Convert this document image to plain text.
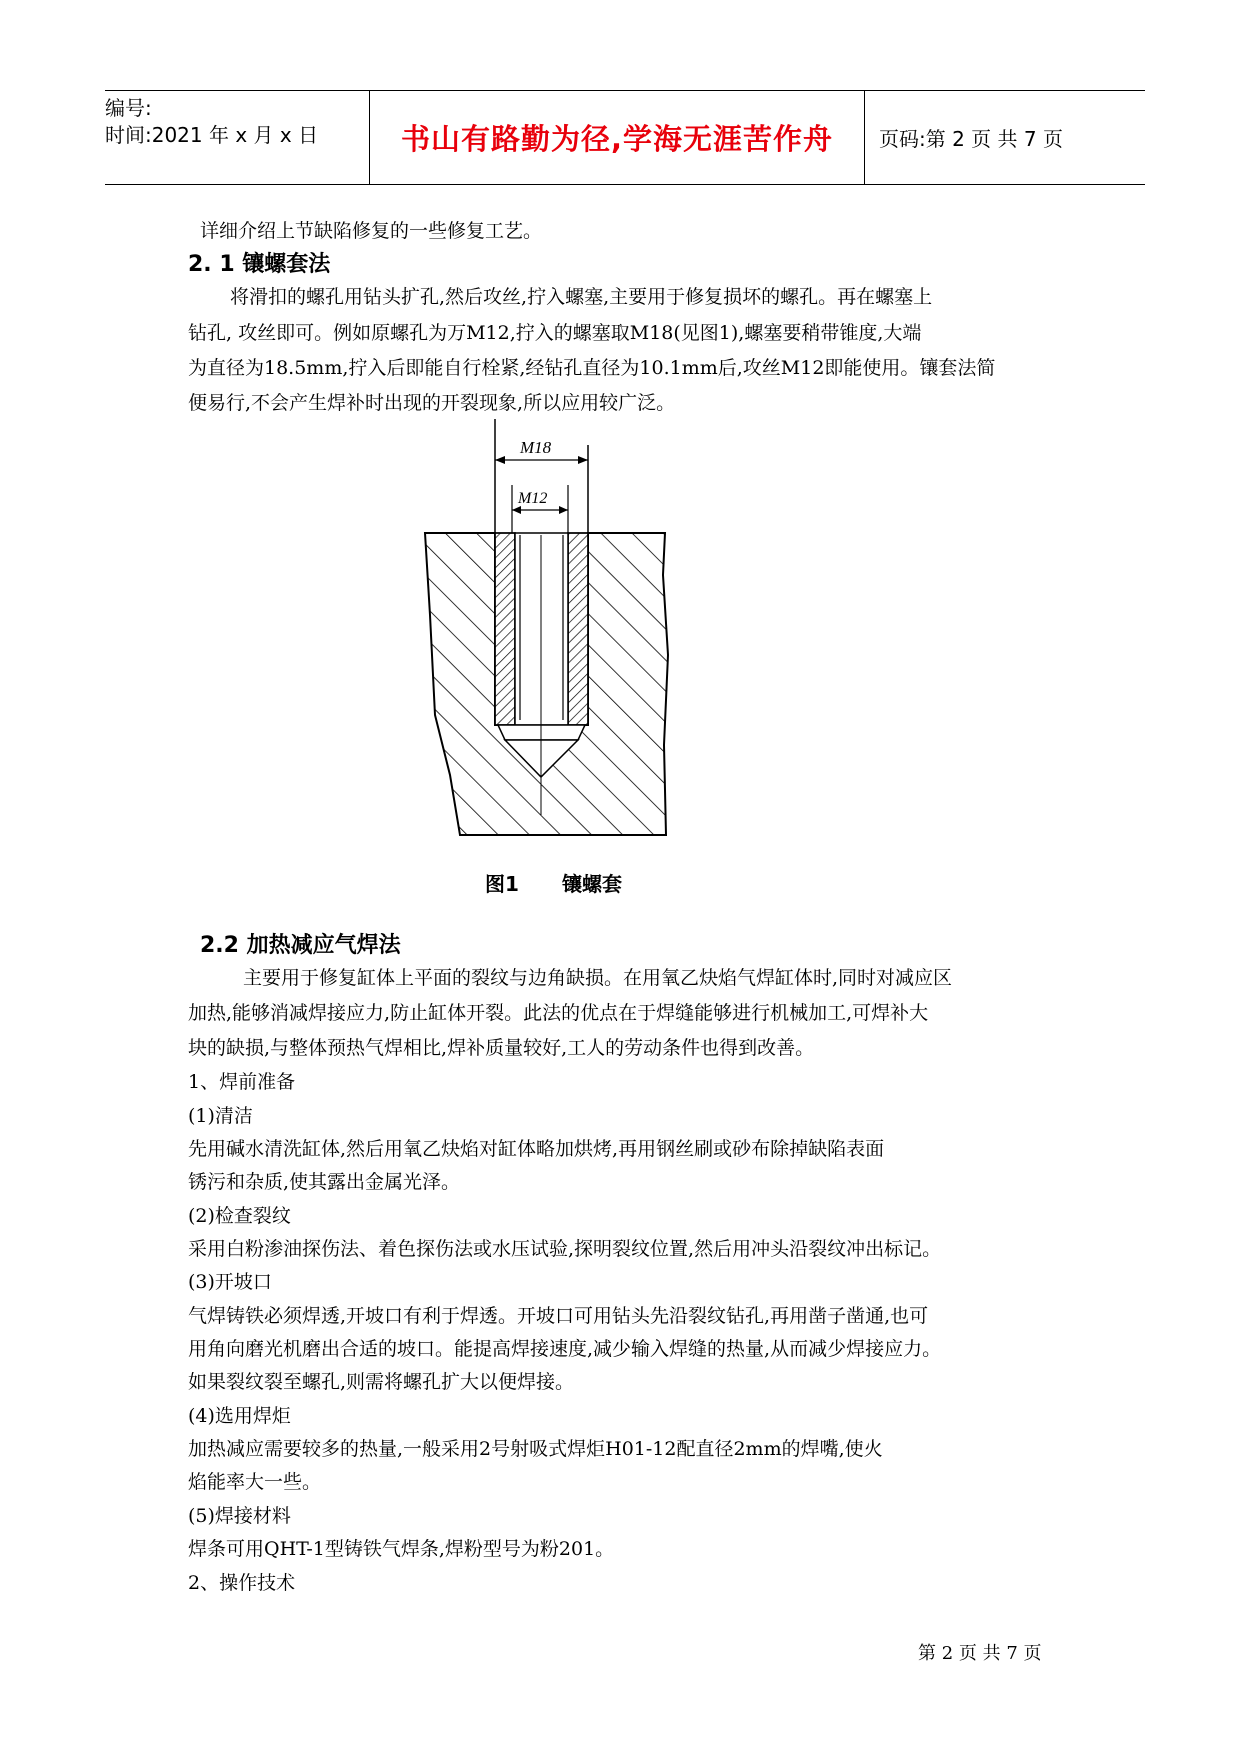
编号:
时间:2021 年 x 月 x 日	书山有路勤为径,学海无涯苦作舟 页码:第 2 页 共 7 页
详细介绍上节缺陷修复的一些修复工艺。
2. 1 镶螺套法
将滑扣的螺孔用钻头扩孔,然后攻丝,拧入螺塞,主要用于修复损坏的螺孔。再在螺塞上
钻孔, 攻丝即可。例如原螺孔为万M12,拧入的螺塞取M18(见图1),螺塞要稍带锥度,大端
为直径为18.5mm,拧入后即能自行栓紧,经钻孔直径为10.1mm后,攻丝M12即能使用。镶套法简
便易行,不会产生焊补时出现的开裂现象,所以应用较广泛。
M18
M12
图1 镶螺套
2.2 加热减应气焊法
主要用于修复缸体上平面的裂纹与边角缺损。在用氧乙炔焰气焊缸体时,同时对减应区
加热,能够消减焊接应力,防止缸体开裂。此法的优点在于焊缝能够进行机械加工,可焊补大
块的缺损,与整体预热气焊相比,焊补质量较好,工人的劳动条件也得到改善。
1、焊前准备
(1)清洁
先用碱水清洗缸体,然后用氧乙炔焰对缸体略加烘烤,再用钢丝刷或砂布除掉缺陷表面
锈污和杂质,使其露出金属光泽。
(2)检查裂纹
采用白粉渗油探伤法、着色探伤法或水压试验,探明裂纹位置,然后用冲头沿裂纹冲出标记。
(3)开坡口
气焊铸铁必须焊透,开坡口有利于焊透。开坡口可用钻头先沿裂纹钻孔,再用凿子凿通,也可
用角向磨光机磨出合适的坡口。能提高焊接速度,减少输入焊缝的热量,从而减少焊接应力。
如果裂纹裂至螺孔,则需将螺孔扩大以便焊接。
(4)选用焊炬
加热减应需要较多的热量,一般采用2号射吸式焊炬H01-12配直径2mm的焊嘴,使火
焰能率大一些。
(5)焊接材料
焊条可用QHT-1型铸铁气焊条,焊粉型号为粉201。
2、操作技术
第 2 页 共 7 页
